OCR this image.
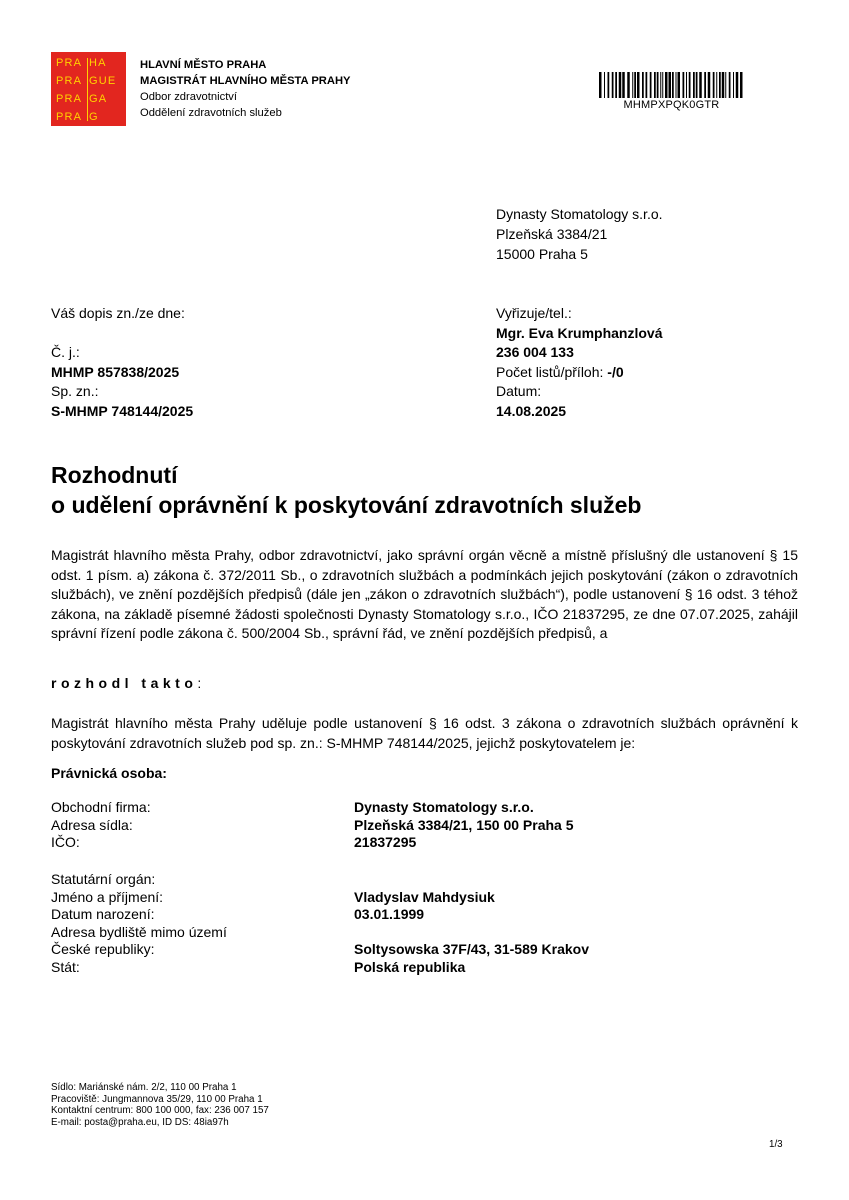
PRA HA
PRA GUE
PRA GA
PRA G
HLAVNÍ MĚSTO PRAHA
MAGISTRÁT HLAVNÍHO MĚSTA PRAHY
Odbor zdravotnictví
Oddělení zdravotních služeb
MHMPXPQK0GTR
Dynasty Stomatology s.r.o.
Plzeňská 3384/21
15000 Praha 5
Váš dopis zn./ze dne:
Č. j.:
MHMP 857838/2025
Sp. zn.:
S-MHMP 748144/2025
Vyřizuje/tel.:
Mgr. Eva Krumphanzlová
236 004 133
Počet listů/příloh: -/0
Datum:
14.08.2025
Rozhodnutí
o udělení oprávnění k poskytování zdravotních služeb
Magistrát hlavního města Prahy, odbor zdravotnictví, jako správní orgán věcně a místně příslušný dle ustanovení § 15 odst. 1 písm. a) zákona č. 372/2011 Sb., o zdravotních službách a podmínkách jejich poskytování (zákon o zdravotních službách), ve znění pozdějších předpisů (dále jen „zákon o zdravotních službách“), podle ustanovení § 16 odst. 3 téhož zákona, na základě písemné žádosti společnosti Dynasty Stomatology s.r.o., IČO 21837295, ze dne 07.07.2025, zahájil správní řízení podle zákona č. 500/2004 Sb., správní řád, ve znění pozdějších předpisů, a
rozhodl takto:
Magistrát hlavního města Prahy uděluje podle ustanovení § 16 odst. 3 zákona o zdravotních službách oprávnění k poskytování zdravotních služeb pod sp. zn.: S-MHMP 748144/2025, jejichž poskytovatelem je:
Právnická osoba:
Obchodní firma:	Dynasty Stomatology s.r.o.
Adresa sídla:	Plzeňská 3384/21, 150 00 Praha 5
IČO:	21837295
Statutární orgán:
Jméno a příjmení:	Vladyslav Mahdysiuk
Datum narození:	03.01.1999
Adresa bydliště mimo území
České republiky:	Soltysowska 37F/43, 31-589 Krakov
Stát:	Polská republika
Sídlo: Mariánské nám. 2/2, 110 00 Praha 1
Pracoviště: Jungmannova 35/29, 110 00 Praha 1
Kontaktní centrum: 800 100 000, fax: 236 007 157
E-mail: posta@praha.eu, ID DS: 48ia97h
1/3
